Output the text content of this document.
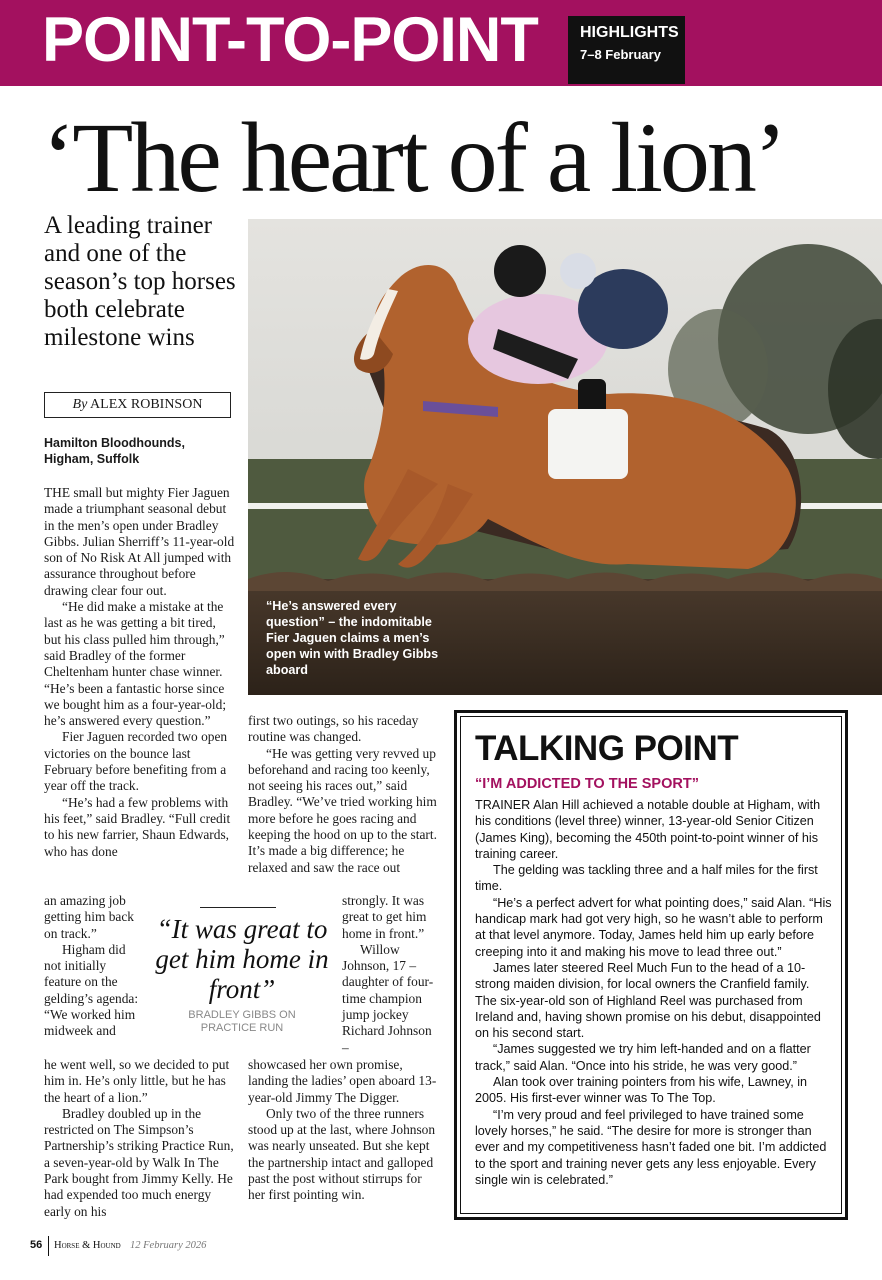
POINT-TO-POINT	HIGHLIGHTS
7–8 February
‘The heart of a lion’
A leading trainer and one of the season’s top horses both celebrate milestone wins
By ALEX ROBINSON
Hamilton Bloodhounds, Higham, Suffolk
“He’s answered every question” – the indomitable Fier Jaguen claims a men’s open win with Bradley Gibbs aboard

THE small but mighty Fier Jaguen made a triumphant seasonal debut in the men’s open under Bradley Gibbs. Julian Sherriff’s 11-year-old son of No Risk At All jumped with assurance throughout before drawing clear four out.

“He did make a mistake at the last as he was getting a bit tired, but his class pulled him through,” said Bradley of the former Cheltenham hunter chase winner. “He’s been a fantastic horse since we bought him as a four-year-old; he’s answered every question.”

Fier Jaguen recorded two open victories on the bounce last February before benefiting from a year off the track.

“He’s had a few problems with his feet,” said Bradley. “Full credit to his new farrier, Shaun Edwards, who has done

an amazing job getting him back on track.”

Higham did not initially feature on the gelding’s agenda: “We worked him midweek and

he went well, so we decided to put him in. He’s only little, but he has the heart of a lion.”

Bradley doubled up in the restricted on The Simpson’s Partnership’s striking Practice Run, a seven-year-old by Walk In The Park bought from Jimmy Kelly. He had expended too much energy early on his

first two outings, so his raceday routine was changed.

“He was getting very revved up beforehand and racing too keenly, not seeing his races out,” said Bradley. “We’ve tried working him more before he goes racing and keeping the hood on up to the start. It’s made a big difference; he relaxed and saw the race out

strongly. It was great to get him home in front.”

Willow Johnson, 17 – daughter of four-time champion jump jockey Richard Johnson –

showcased her own promise, landing the ladies’ open aboard 13-year-old Jimmy The Digger.

Only two of the three runners stood up at the last, where Johnson was nearly unseated. But she kept the partnership intact and galloped past the post without stirrups for her first pointing win.

“It was great to get him home in front”
BRADLEY GIBBS ON PRACTICE RUN
TALKING POINT
“I’M ADDICTED TO THE SPORT”

TRAINER Alan Hill achieved a notable double at Higham, with his conditions (level three) winner, 13-year-old Senior Citizen (James King), becoming the 450th point-to-point winner of his training career.

The gelding was tackling three and a half miles for the first time.

“He’s a perfect advert for what pointing does,” said Alan. “His handicap mark had got very high, so he wasn’t able to perform at that level anymore. Today, James held him up early before creeping into it and making his move to lead three out.”

James later steered Reel Much Fun to the head of a 10-strong maiden division, for local owners the Cranfield family. The six-year-old son of Highland Reel was purchased from Ireland and, having shown promise on his debut, disappointed on his second start.

“James suggested we try him left-handed and on a flatter track,” said Alan. “Once into his stride, he was very good.”

Alan took over training pointers from his wife, Lawney, in 2005. His first-ever winner was To The Top.

“I’m very proud and feel privileged to have trained some lovely horses,” he said. “The desire for more is stronger than ever and my competitiveness hasn’t faded one bit. I’m addicted to the sport and training never gets any less enjoyable. Every single win is celebrated.”

56 Horse & Hound 12 February 2026
